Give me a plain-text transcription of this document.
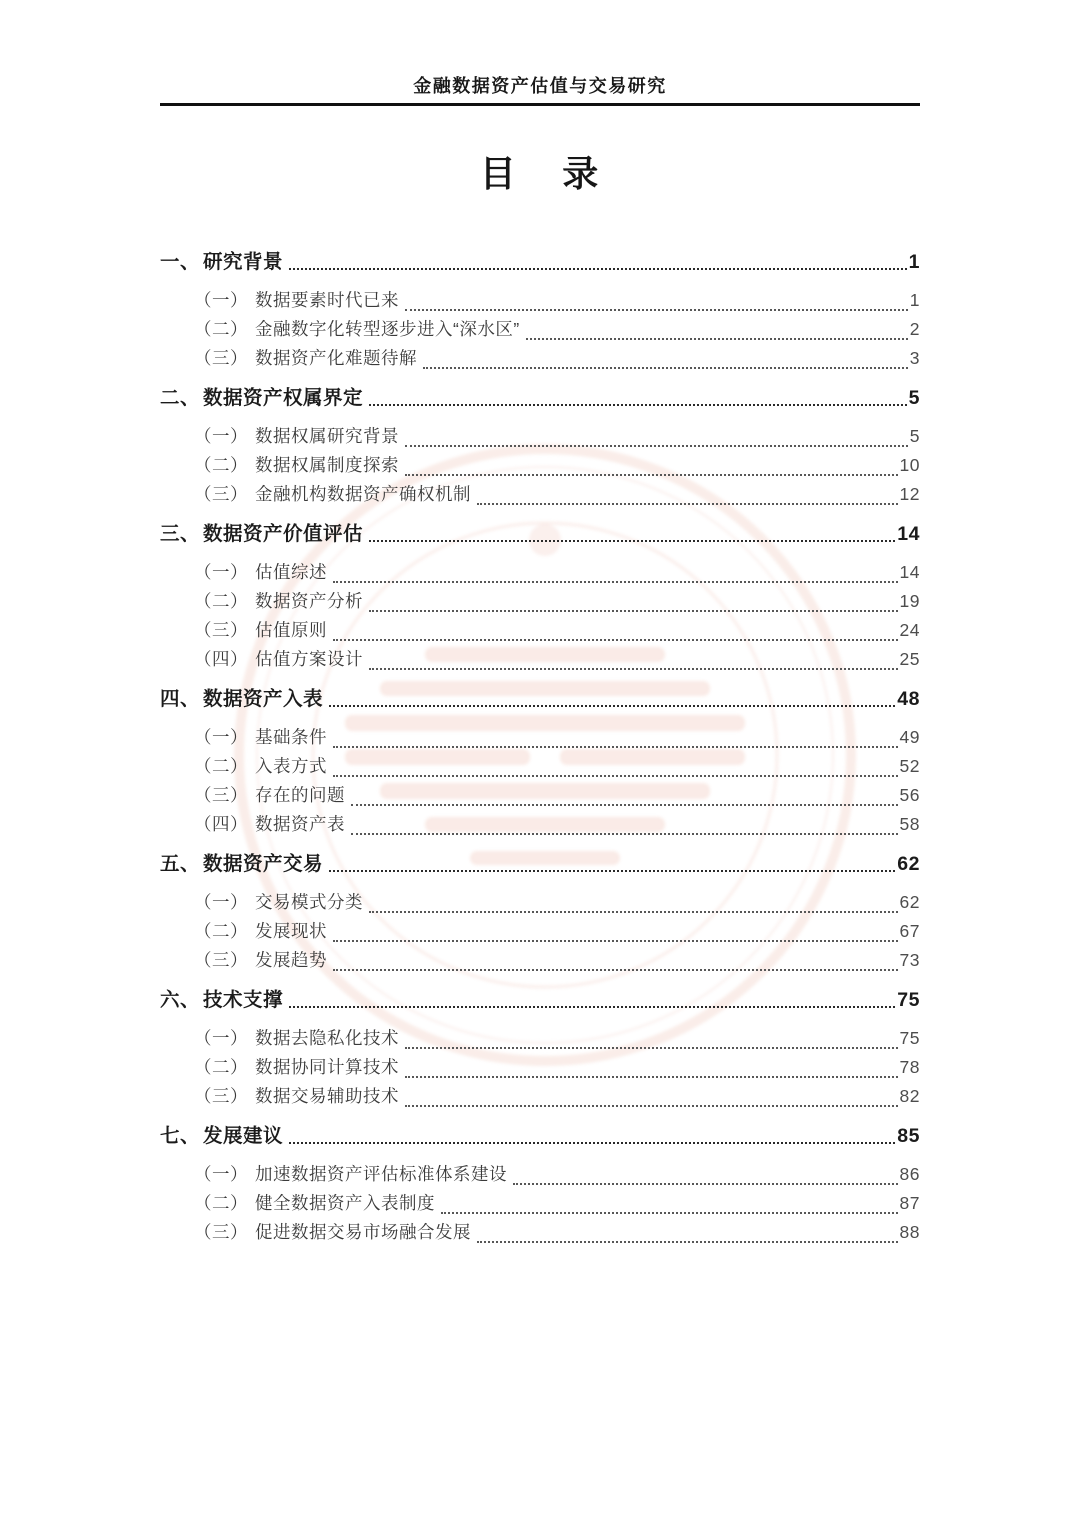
金融数据资产估值与交易研究
目 录
一、 研究背景	1
（一） 数据要素时代已来	1
（二） 金融数字化转型逐步进入“深水区”	2
（三） 数据资产化难题待解	3
二、 数据资产权属界定	5
（一） 数据权属研究背景	5
（二） 数据权属制度探索	10
（三） 金融机构数据资产确权机制	12
三、 数据资产价值评估	14
（一） 估值综述	14
（二） 数据资产分析	19
（三） 估值原则	24
（四） 估值方案设计	25
四、 数据资产入表	48
（一） 基础条件	49
（二） 入表方式	52
（三） 存在的问题	56
（四） 数据资产表	58
五、 数据资产交易	62
（一） 交易模式分类	62
（二） 发展现状	67
（三） 发展趋势	73
六、 技术支撑	75
（一） 数据去隐私化技术	75
（二） 数据协同计算技术	78
（三） 数据交易辅助技术	82
七、 发展建议	85
（一） 加速数据资产评估标准体系建设	86
（二） 健全数据资产入表制度	87
（三） 促进数据交易市场融合发展	88
